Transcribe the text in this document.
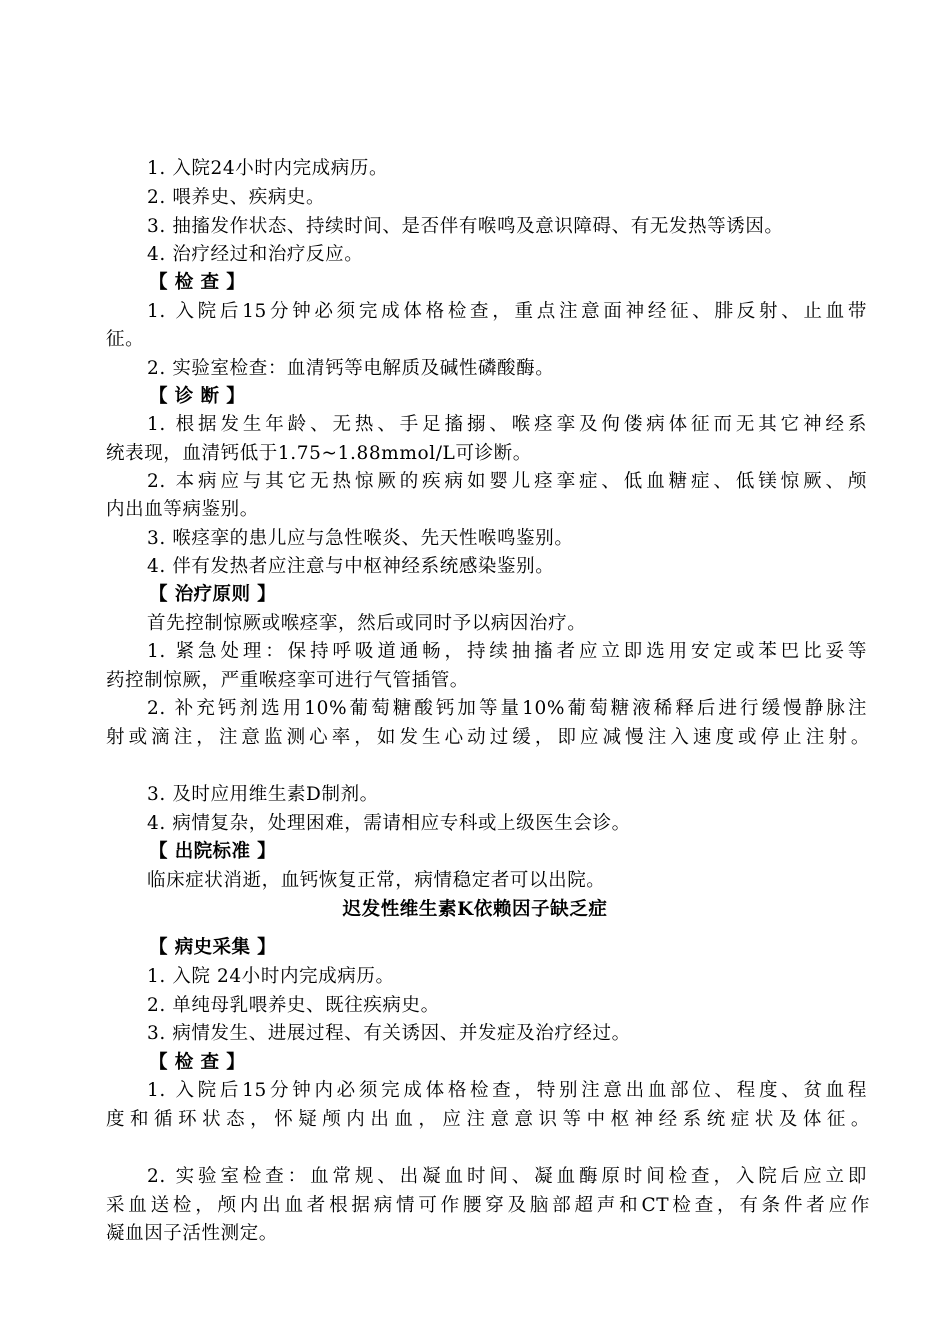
1. 入院24小时内完成病历。
2. 喂养史、疾病史。
3. 抽搐发作状态、持续时间、是否伴有喉鸣及意识障碍、有无发热等诱因。
4. 治疗经过和治疗反应。
【 检 查 】
1. 入院后15分钟必须完成体格检查，重点注意面神经征、腓反射、止血带
征。
2. 实验室检查：血清钙等电解质及碱性磷酸酶。
【 诊 断 】
1. 根据发生年龄、无热、手足搐搦、喉痉挛及佝偻病体征而无其它神经系
统表现，血清钙低于1.75~1.88mmol/L可诊断。
2. 本病应与其它无热惊厥的疾病如婴儿痉挛症、低血糖症、低镁惊厥、颅
内出血等病鉴别。
3. 喉痉挛的患儿应与急性喉炎、先天性喉鸣鉴别。
4. 伴有发热者应注意与中枢神经系统感染鉴别。
【 治疗原则 】
首先控制惊厥或喉痉挛，然后或同时予以病因治疗。
1. 紧急处理：保持呼吸道通畅，持续抽搐者应立即选用安定或苯巴比妥等
药控制惊厥，严重喉痉挛可进行气管插管。
2. 补充钙剂选用10%葡萄糖酸钙加等量10%葡萄糖液稀释后进行缓慢静脉注
射或滴注，注意监测心率，如发生心动过缓，即应减慢注入速度或停止注射。
3. 及时应用维生素D制剂。
4. 病情复杂，处理困难，需请相应专科或上级医生会诊。
【 出院标准 】
临床症状消逝，血钙恢复正常，病情稳定者可以出院。
迟发性维生素K依赖因子缺乏症
【 病史采集 】
1. 入院 24小时内完成病历。
2. 单纯母乳喂养史、既往疾病史。
3. 病情发生、进展过程、有关诱因、并发症及治疗经过。
【 检 查 】
1. 入院后15分钟内必须完成体格检查，特别注意出血部位、程度、贫血程
度和循环状态，怀疑颅内出血，应注意意识等中枢神经系统症状及体征。
2. 实验室检查：血常规、出凝血时间、凝血酶原时间检查，入院后应立即
采血送检，颅内出血者根据病情可作腰穿及脑部超声和CT检查，有条件者应作
凝血因子活性测定。
